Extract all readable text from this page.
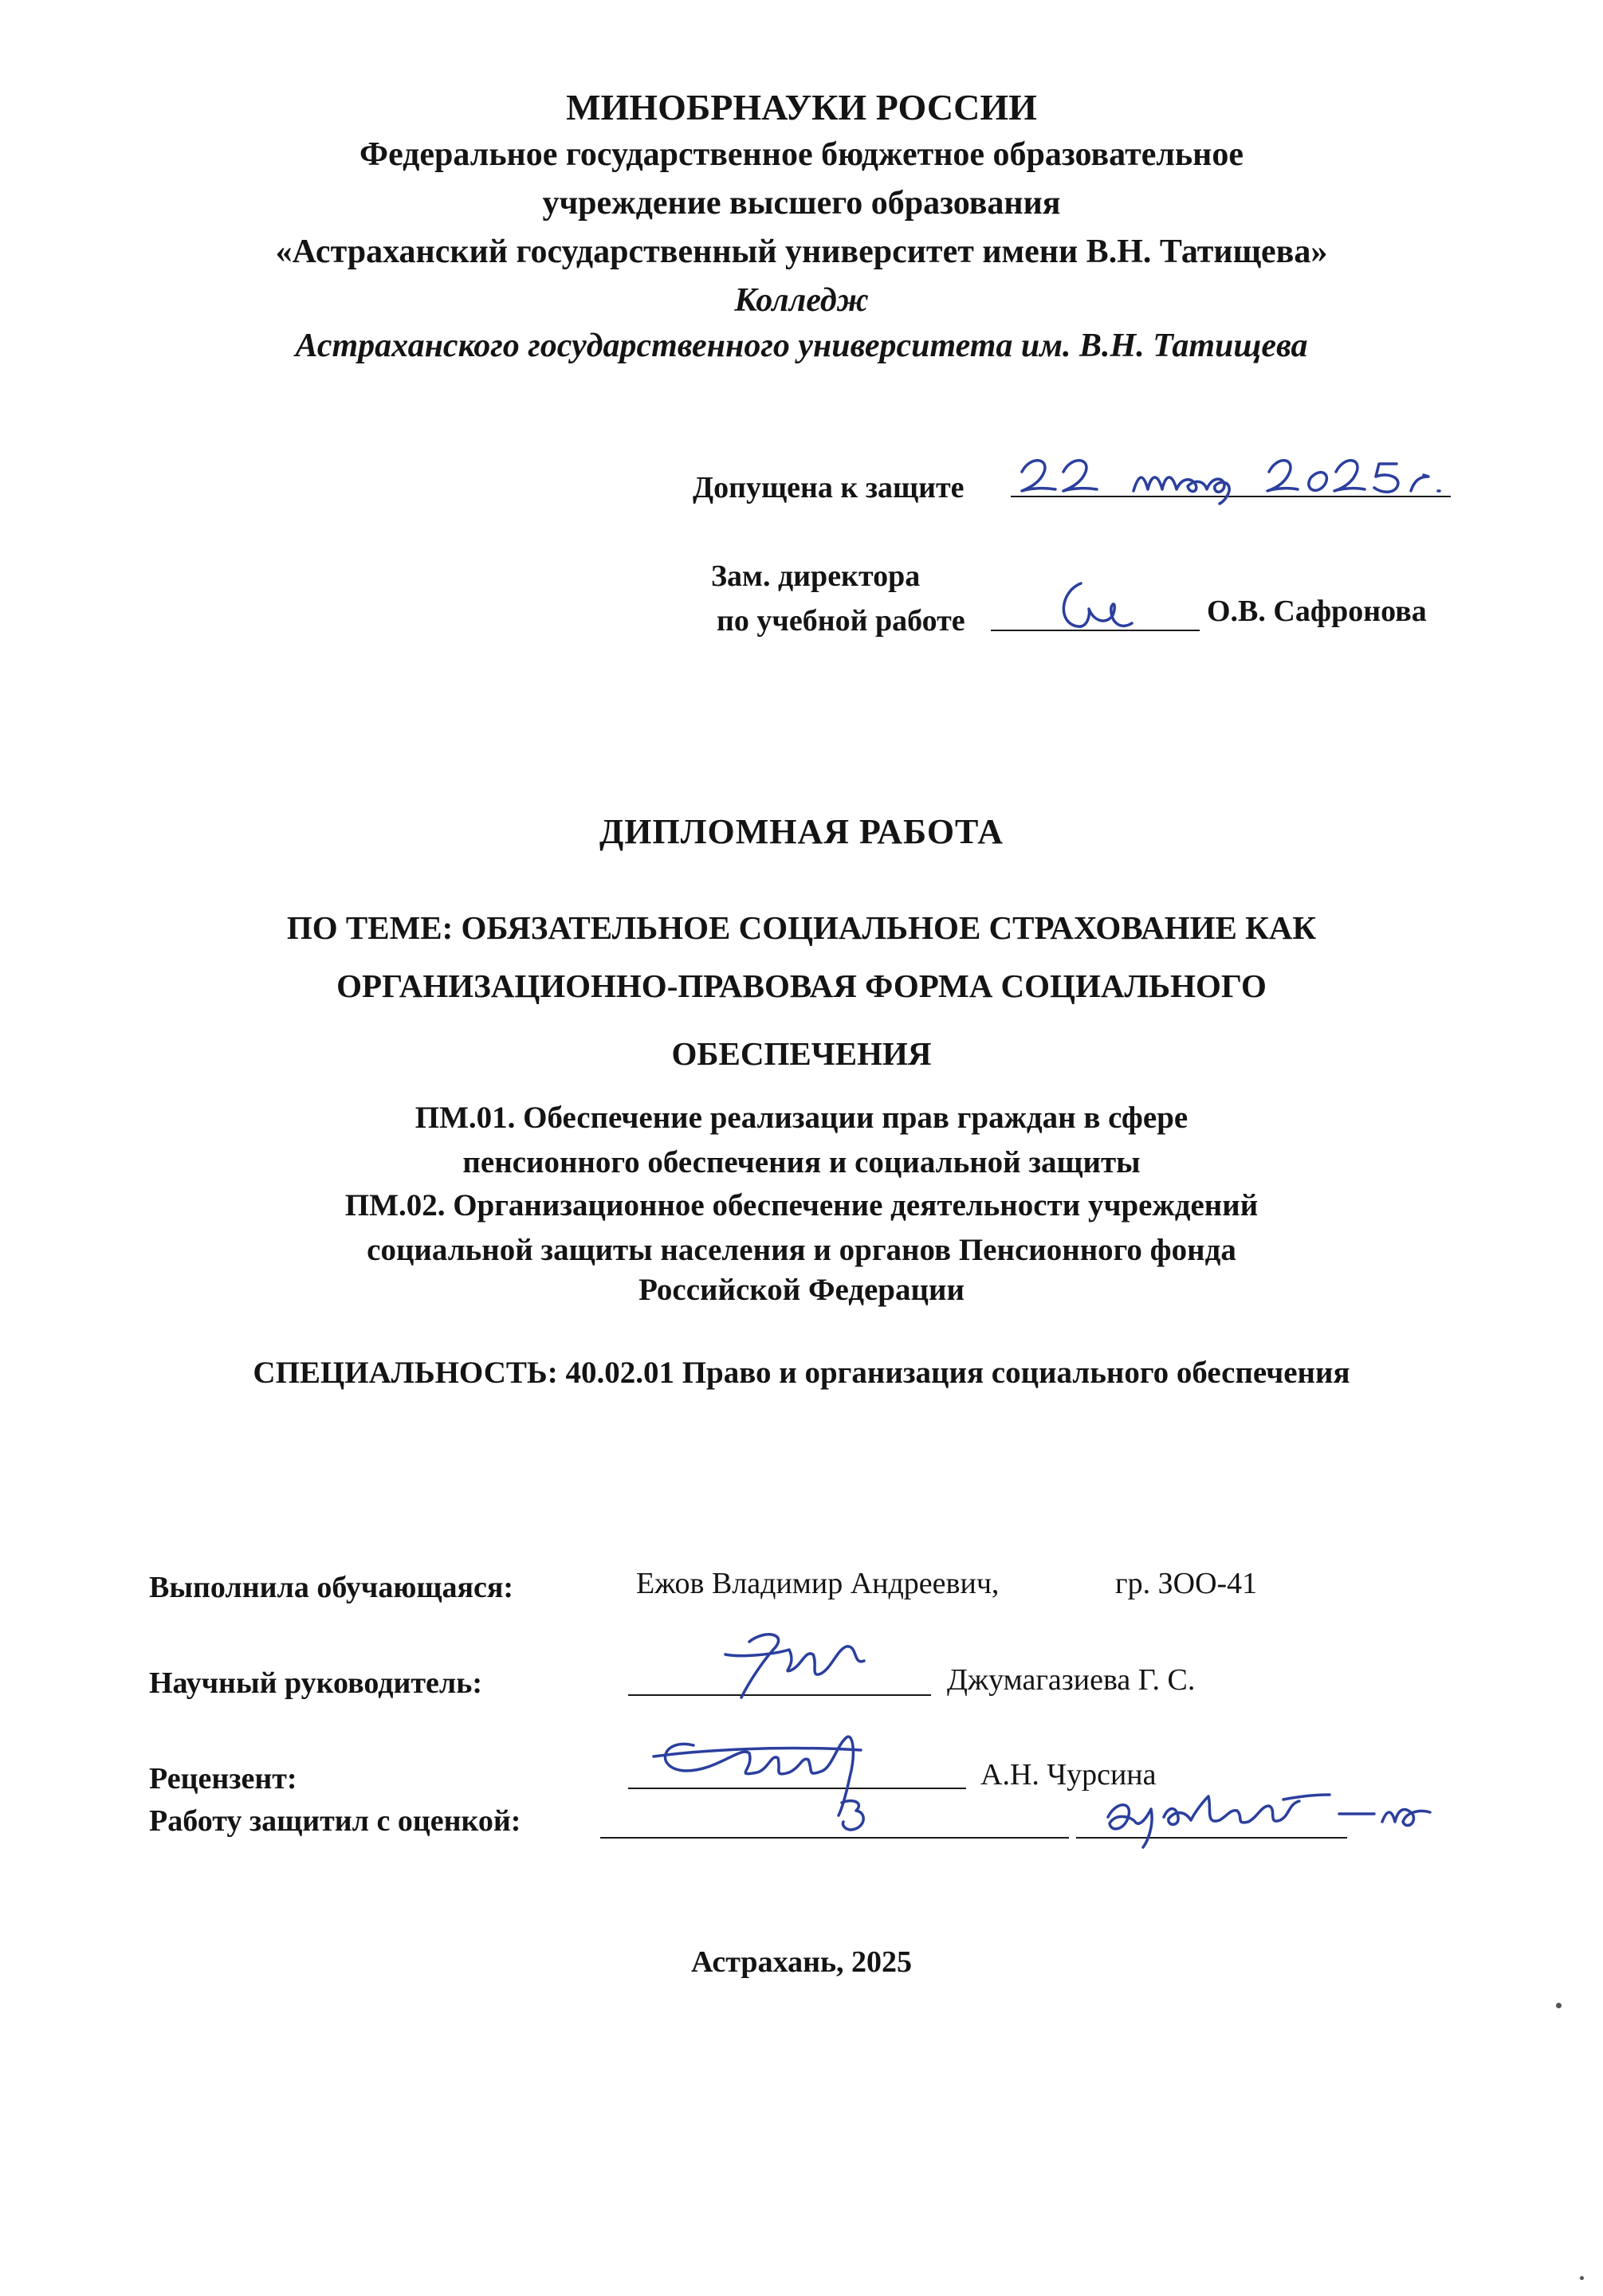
МИНОБРНАУКИ РОССИИ
Федеральное государственное бюджетное образовательное
учреждение высшего образования
«Астраханский государственный университет имени В.Н. Татищева»
Колледж
Астраханского государственного университета им. В.Н. Татищева
Допущена к защите
Зам. директора
по учебной работе	О.В. Сафронова
ДИПЛОМНАЯ РАБОТА
ПО ТЕМЕ: ОБЯЗАТЕЛЬНОЕ СОЦИАЛЬНОЕ СТРАХОВАНИЕ КАК
ОРГАНИЗАЦИОННО-ПРАВОВАЯ ФОРМА СОЦИАЛЬНОГО
ОБЕСПЕЧЕНИЯ
ПМ.01. Обеспечение реализации прав граждан в сфере
пенсионного обеспечения и социальной защиты
ПМ.02. Организационное обеспечение деятельности учреждений
социальной защиты населения и органов Пенсионного фонда
Российской Федерации
СПЕЦИАЛЬНОСТЬ: 40.02.01 Право и организация социального обеспечения
Выполнила обучающаяся:	Ежов Владимир Андреевич,	гр. ЗОО-41
Научный руководитель:	Джумагазиева Г. С.
Рецензент:	А.Н. Чурсина
Работу защитил с оценкой:
Астрахань, 2025
